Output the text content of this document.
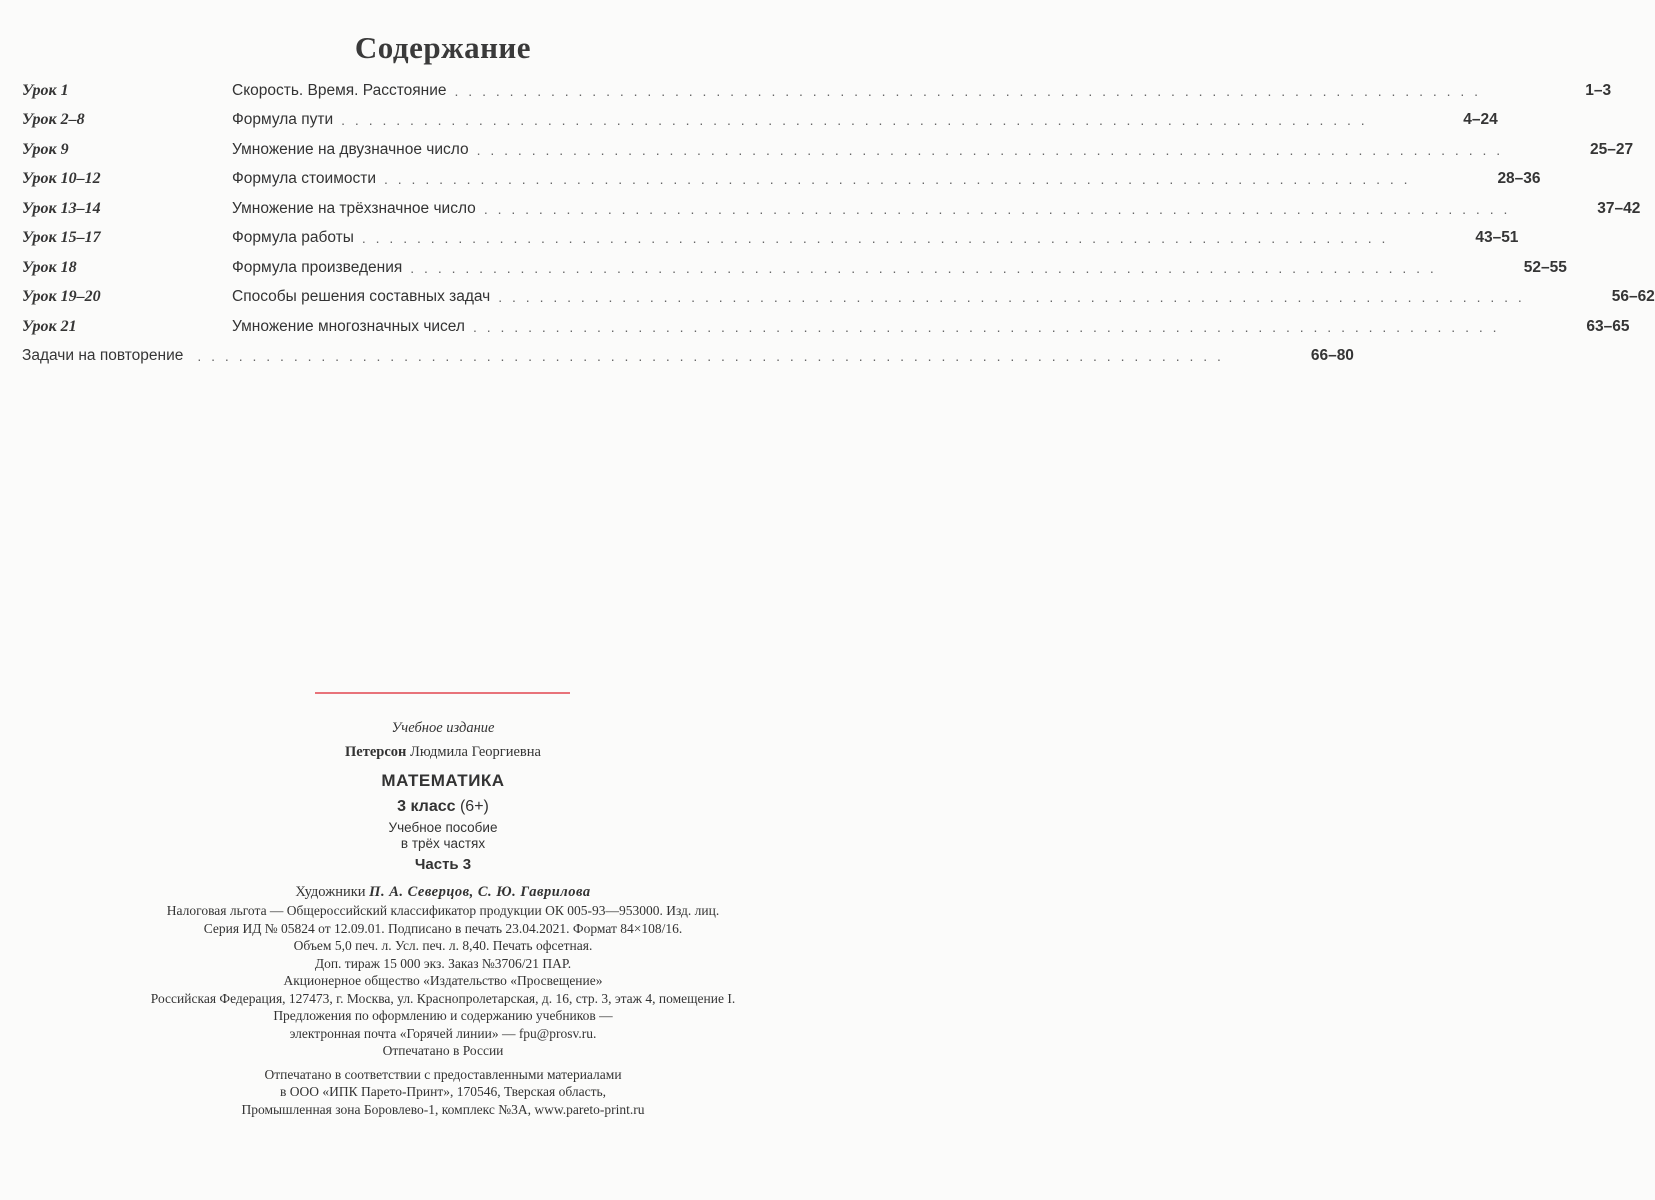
Содержание
Урок 1	Скорость. Время. Расстояние . . . . . . . . . . . . . . . . . . . . . . . . . . . . . . . . . . . . . . . . . . . . . . . . . . . . . . . . . . . . . . . . . . . . . . . . . . .	1–3
Урок 2–8	Формула пути . . . . . . . . . . . . . . . . . . . . . . . . . . . . . . . . . . . . . . . . . . . . . . . . . . . . . . . . . . . . . . . . . . . . . . . . . . .	4–24
Урок 9	Умножение на двузначное число . . . . . . . . . . . . . . . . . . . . . . . . . . . . . . . . . . . . . . . . . . . . . . . . . . . . . . . . . . . . . . . . . . . . . . . . . . .	25–27
Урок 10–12	Формула стоимости . . . . . . . . . . . . . . . . . . . . . . . . . . . . . . . . . . . . . . . . . . . . . . . . . . . . . . . . . . . . . . . . . . . . . . . . . . .	28–36
Урок 13–14	Умножение на трёхзначное число . . . . . . . . . . . . . . . . . . . . . . . . . . . . . . . . . . . . . . . . . . . . . . . . . . . . . . . . . . . . . . . . . . . . . . . . . . .	37–42
Урок 15–17	Формула работы . . . . . . . . . . . . . . . . . . . . . . . . . . . . . . . . . . . . . . . . . . . . . . . . . . . . . . . . . . . . . . . . . . . . . . . . . . .	43–51
Урок 18	Формула произведения . . . . . . . . . . . . . . . . . . . . . . . . . . . . . . . . . . . . . . . . . . . . . . . . . . . . . . . . . . . . . . . . . . . . . . . . . . .	52–55
Урок 19–20	Способы решения составных задач . . . . . . . . . . . . . . . . . . . . . . . . . . . . . . . . . . . . . . . . . . . . . . . . . . . . . . . . . . . . . . . . . . . . . . . . . . .	56–62
Урок 21	Умножение многозначных чисел . . . . . . . . . . . . . . . . . . . . . . . . . . . . . . . . . . . . . . . . . . . . . . . . . . . . . . . . . . . . . . . . . . . . . . . . . . .	63–65
Задачи на повторение	. . . . . . . . . . . . . . . . . . . . . . . . . . . . . . . . . . . . . . . . . . . . . . . . . . . . . . . . . . . . . . . . . . . . . . . . . . .	66–80
Учебное издание
Петерсон Людмила Георгиевна
МАТЕМАТИКА
3 класс (6+)
Учебное пособие
в трёх частях
Часть 3
Художники П. А. Северцов, С. Ю. Гаврилова
Налоговая льгота — Общероссийский классификатор продукции ОК 005-93—953000. Изд. лиц.
Серия ИД № 05824 от 12.09.01. Подписано в печать 23.04.2021. Формат 84×108/16.
Объем 5,0 печ. л. Усл. печ. л. 8,40. Печать офсетная.
Доп. тираж 15 000 экз. Заказ №3706/21 ПАР.
Акционерное общество «Издательство «Просвещение»
Российская Федерация, 127473, г. Москва, ул. Краснопролетарская, д. 16, стр. 3, этаж 4, помещение I.
Предложения по оформлению и содержанию учебников —
электронная почта «Горячей линии» — fpu@prosv.ru.
Отпечатано в России
Отпечатано в соответствии с предоставленными материалами
в ООО «ИПК Парето-Принт», 170546, Тверская область,
Промышленная зона Боровлево-1, комплекс №3А, www.pareto-print.ru
